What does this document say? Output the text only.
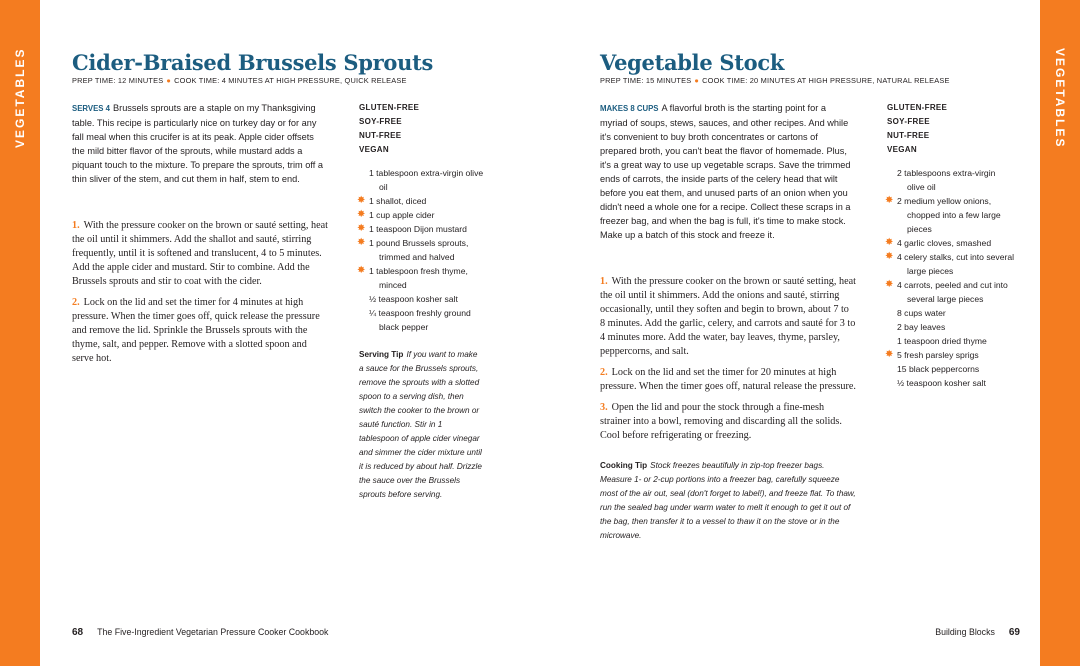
VEGETABLES	VEGETABLES
Cider-Braised Brussels Sprouts
PREP TIME: 12 MINUTES ● COOK TIME: 4 MINUTES AT HIGH PRESSURE, QUICK RELEASE

SERVES 4 Brussels sprouts are a staple on my Thanksgiving table. This recipe is particularly nice on turkey day or for any fall meal when this crucifer is at its peak. Apple cider offsets the mild bitter flavor of the sprouts, while mustard adds a piquant touch to the mixture. To prepare the sprouts, trim off a thin sliver of the stem, and cut them in half, stem to end.

1. With the pressure cooker on the brown or sauté setting, heat the oil until it shimmers. Add the shallot and sauté, stirring frequently, until it is softened and translucent, 4 to 5 minutes. Add the apple cider and mustard. Stir to combine. Add the Brussels sprouts and stir to coat with the cider.

2. Lock on the lid and set the timer for 4 minutes at high pressure. When the timer goes off, quick release the pressure and remove the lid. Sprinkle the Brussels sprouts with the thyme, salt, and pepper. Remove with a slotted spoon and serve hot.

GLUTEN-FREE
SOY-FREE
NUT-FREE
VEGAN
1 tablespoon extra-virgin olive oil
✸ 1 shallot, diced
✸ 1 cup apple cider
✸ 1 teaspoon Dijon mustard
✸ 1 pound Brussels sprouts, trimmed and halved
✸ 1 tablespoon fresh thyme, minced
½ teaspoon kosher salt
¼ teaspoon freshly ground black pepper

Serving Tip If you want to make a sauce for the Brussels sprouts, remove the sprouts with a slotted spoon to a serving dish, then switch the cooker to the brown or sauté function. Stir in 1 tablespoon of apple cider vinegar and simmer the cider mixture until it is reduced by about half. Drizzle the sauce over the Brussels sprouts before serving.

68 The Five-Ingredient Vegetarian Pressure Cooker Cookbook
Vegetable Stock
PREP TIME: 15 MINUTES ● COOK TIME: 20 MINUTES AT HIGH PRESSURE, NATURAL RELEASE

MAKES 8 CUPS A flavorful broth is the starting point for a myriad of soups, stews, sauces, and other recipes. And while it's convenient to buy broth concentrates or cartons of prepared broth, you can't beat the flavor of homemade. Plus, it's a great way to use up vegetable scraps. Save the trimmed ends of carrots, the inside parts of the celery head that wilt before you eat them, and unused parts of an onion when you didn't need a whole one for a recipe. Collect these scraps in a freezer bag, and when the bag is full, it's time to make stock. Make up a batch of this stock and freeze it.

1. With the pressure cooker on the brown or sauté setting, heat the oil until it shimmers. Add the onions and sauté, stirring occasionally, until they soften and begin to brown, about 7 to 8 minutes. Add the garlic, celery, and carrots and sauté for 3 to 4 minutes more. Add the water, bay leaves, thyme, parsley, peppercorns, and salt.

2. Lock on the lid and set the timer for 20 minutes at high pressure. When the timer goes off, natural release the pressure.

3. Open the lid and pour the stock through a fine-mesh strainer into a bowl, removing and discarding all the solids. Cool before refrigerating or freezing.

Cooking Tip Stock freezes beautifully in zip-top freezer bags. Measure 1- or 2-cup portions into a freezer bag, carefully squeeze most of the air out, seal (don't forget to label!), and freeze flat. To thaw, run the sealed bag under warm water to melt it enough to get it out of the bag, then transfer it to a vessel to thaw it on the stove or in the microwave.

GLUTEN-FREE
SOY-FREE
NUT-FREE
VEGAN
2 tablespoons extra-virgin olive oil
✸ 2 medium yellow onions, chopped into a few large pieces
✸ 4 garlic cloves, smashed
✸ 4 celery stalks, cut into several large pieces
✸ 4 carrots, peeled and cut into several large pieces
8 cups water
2 bay leaves
1 teaspoon dried thyme
✸ 5 fresh parsley sprigs
15 black peppercorns
½ teaspoon kosher salt
Building Blocks 69
